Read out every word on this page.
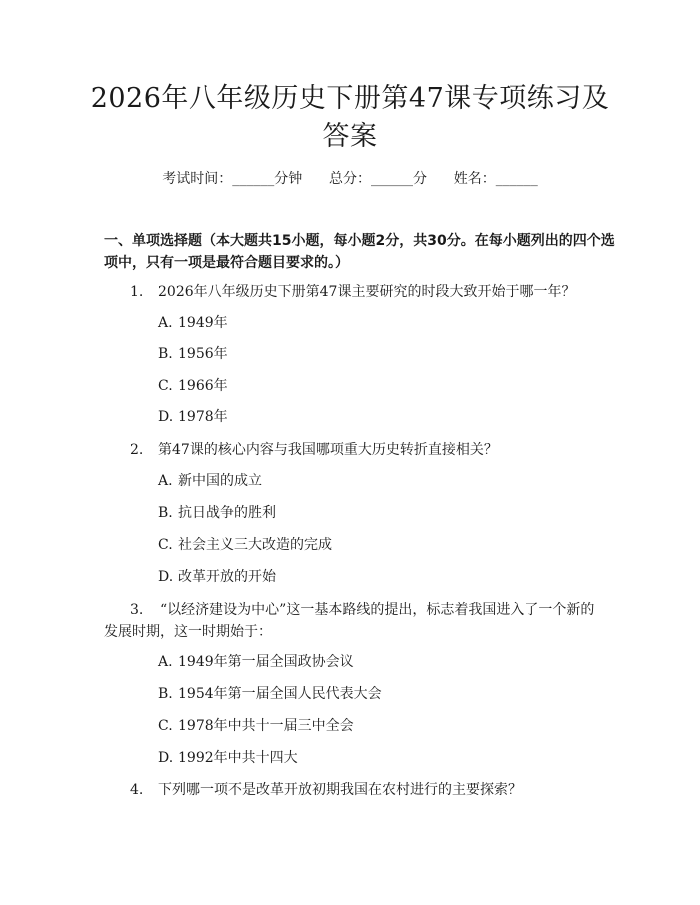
2026年八年级历史下册第47课专项练习及
答案
考试时间：______分钟      总分：______分      姓名：______

一、单项选择题（本大题共15小题，每小题2分，共30分。在每小题列出的四个选项中，只有一项是最符合题目要求的。）

1. 2026年八年级历史下册第47课主要研究的时段大致开始于哪一年？

A. 1949年
B. 1956年
C. 1966年
D. 1978年

2. 第47课的核心内容与我国哪项重大历史转折直接相关？

A. 新中国的成立
B. 抗日战争的胜利
C. 社会主义三大改造的完成
D. 改革开放的开始

3. “以经济建设为中心”这一基本路线的提出，标志着我国进入了一个新的发展时期，这一时期始于：

A. 1949年第一届全国政协会议
B. 1954年第一届全国人民代表大会
C. 1978年中共十一届三中全会
D. 1992年中共十四大

4. 下列哪一项不是改革开放初期我国在农村进行的主要探索？
